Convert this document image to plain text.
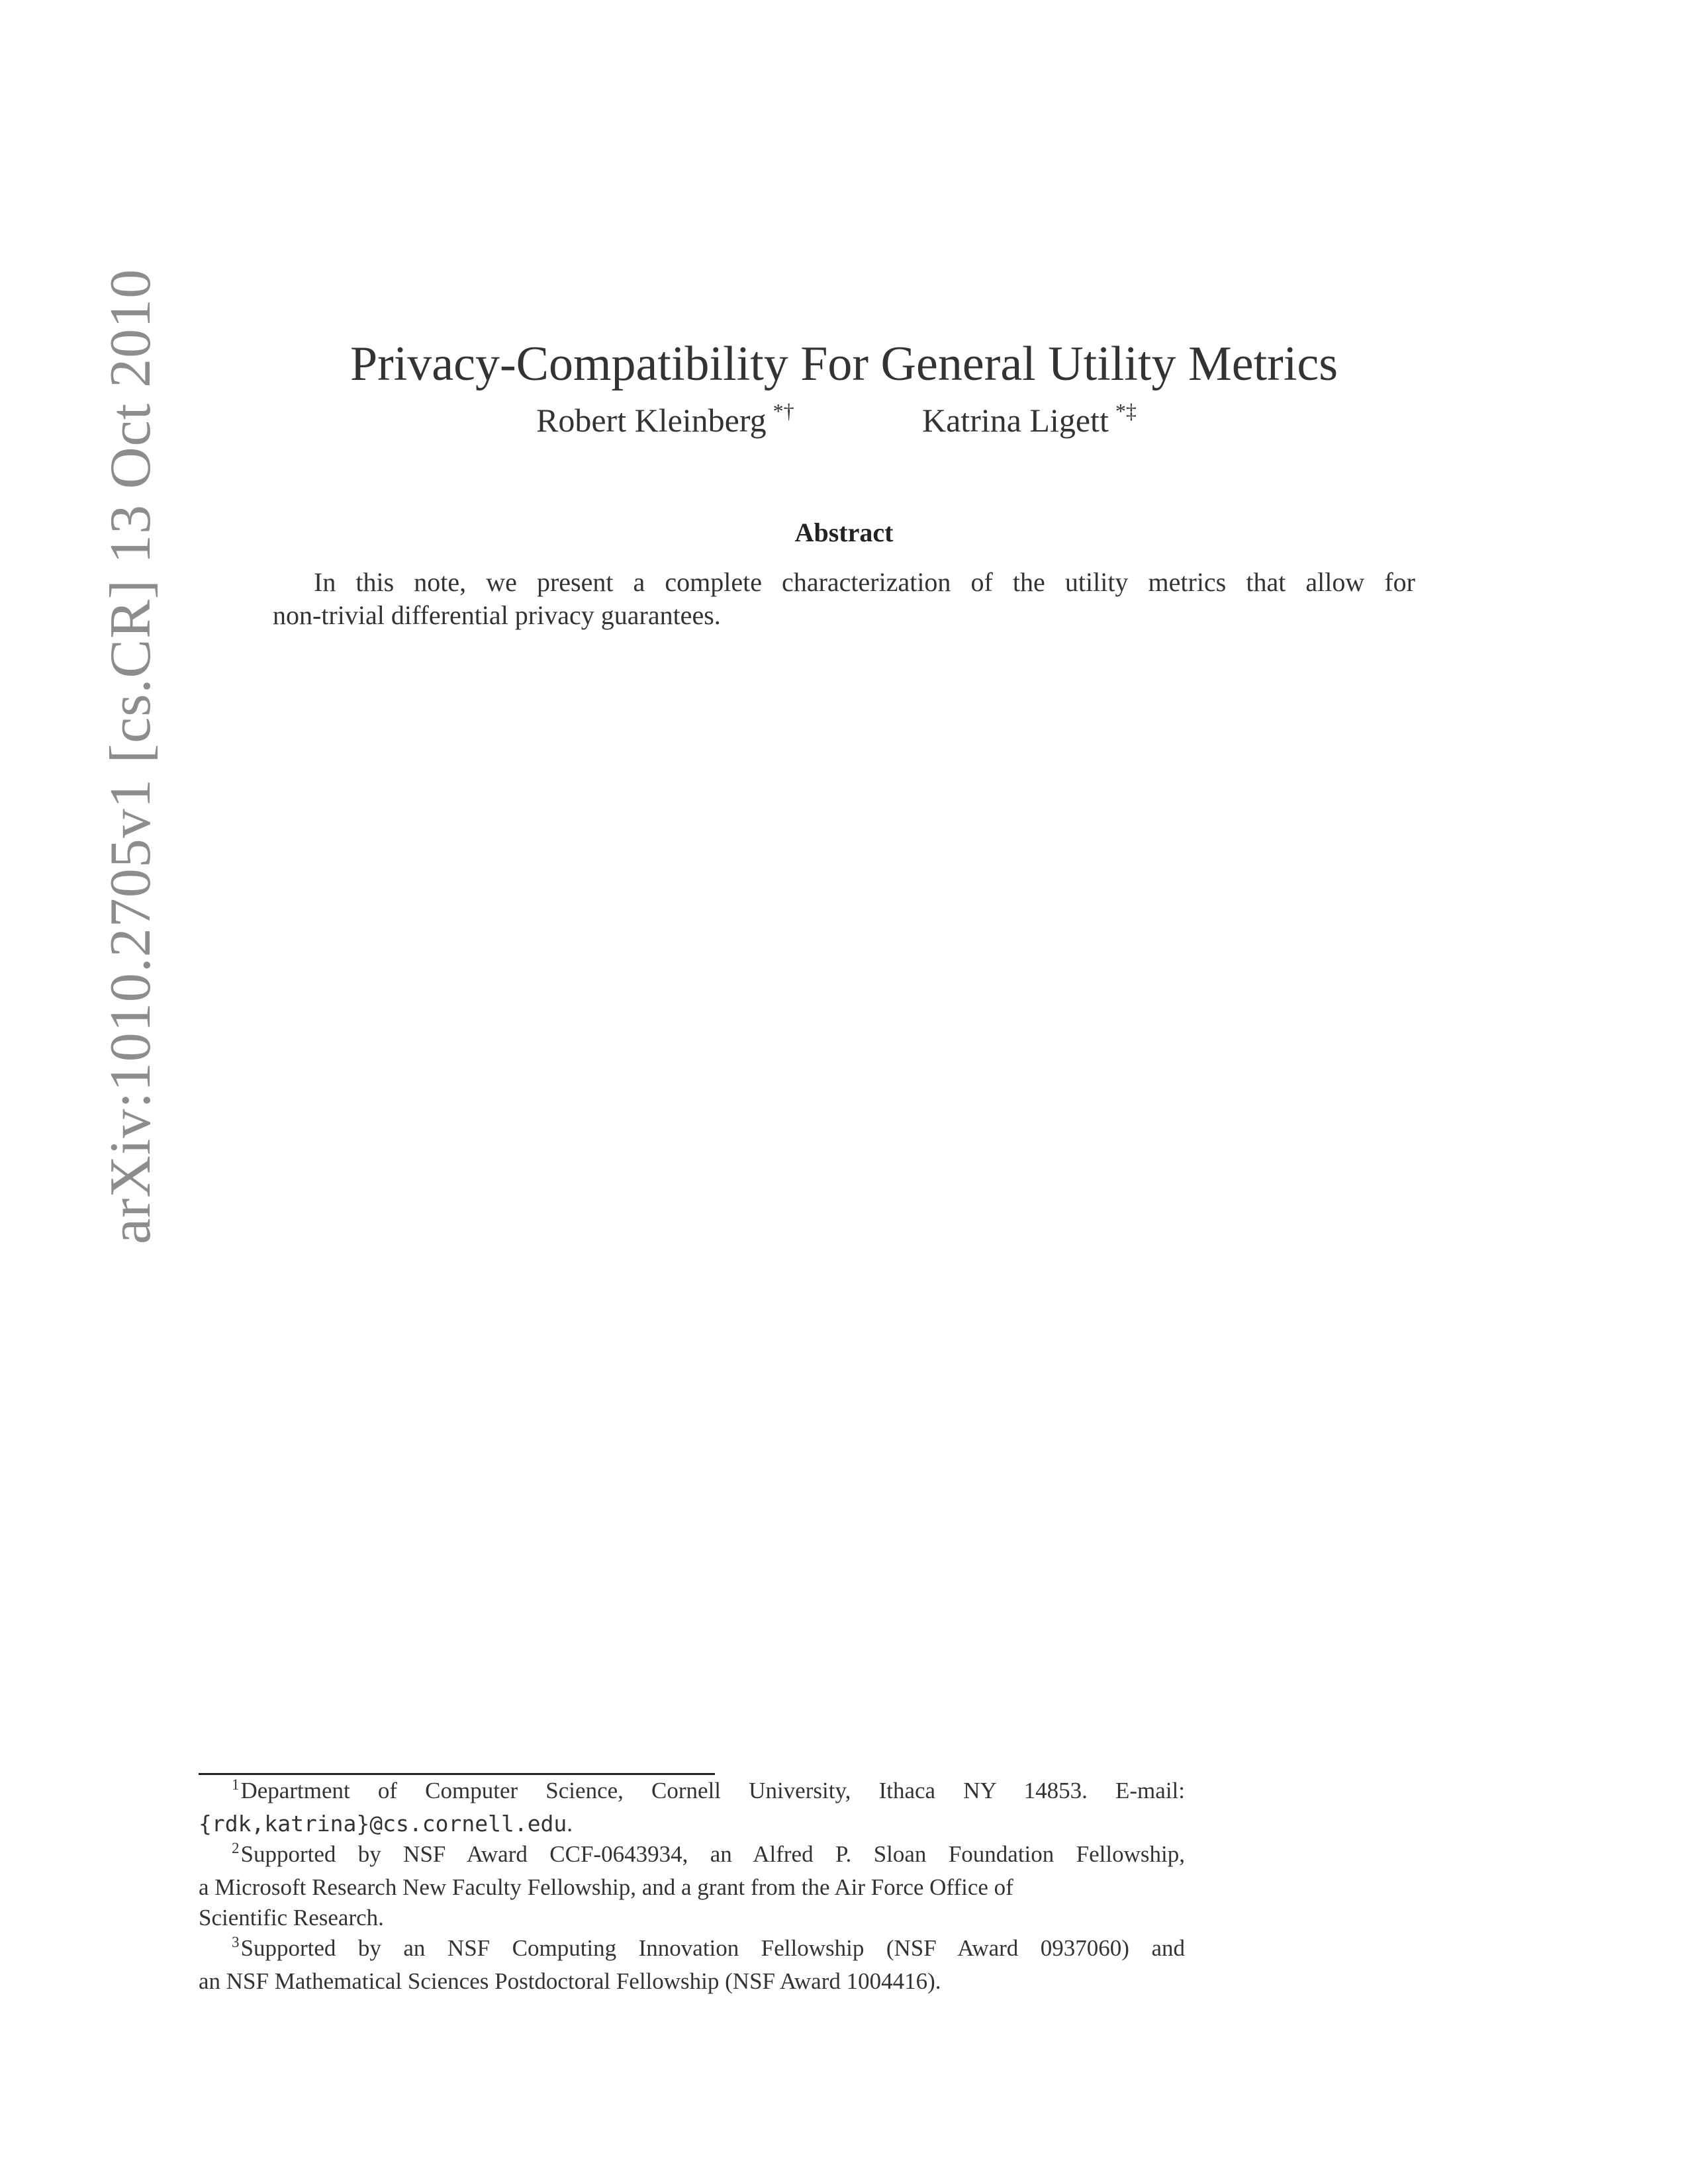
arXiv:1010.2705v1 [cs.CR] 13 Oct 2010	Privacy-Compatibility For General Utility Metrics
Robert Kleinberg *†	Katrina Ligett *‡
Abstract
In this note, we present a complete characterization of the utility metrics that allow for
non-trivial differential privacy guarantees.
$^1$Department of Computer Science, Cornell University, Ithaca NY 14853. E-mail:
{rdk,katrina}@cs.cornell.edu.
$^2$Supported by NSF Award CCF-0643934, an Alfred P. Sloan Foundation Fellowship,
a Microsoft Research New Faculty Fellowship, and a grant from the Air Force Office of
Scientific Research.
$^3$Supported by an NSF Computing Innovation Fellowship (NSF Award 0937060) and
an NSF Mathematical Sciences Postdoctoral Fellowship (NSF Award 1004416).
